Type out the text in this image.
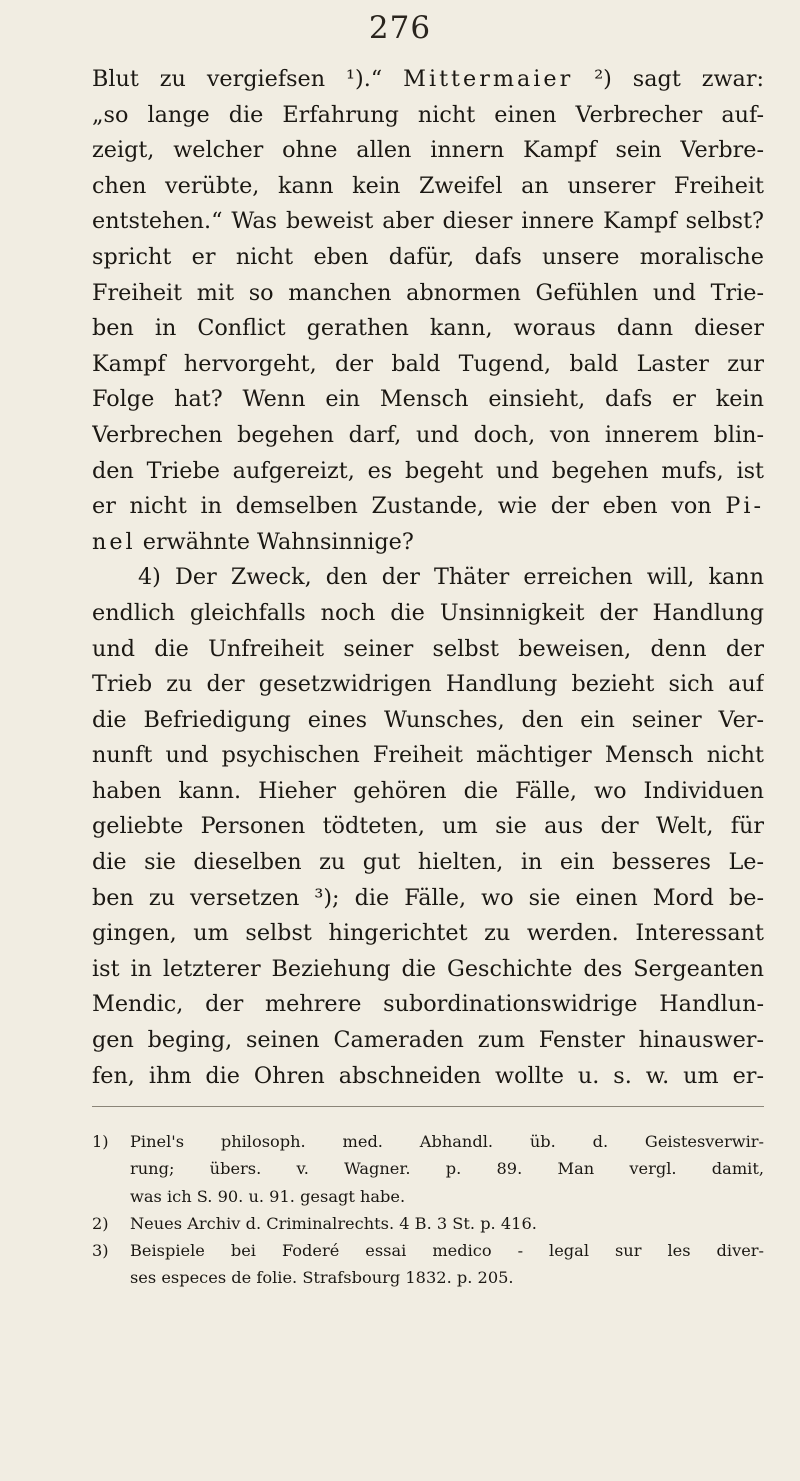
276
Blut zu vergiefsen ¹).“ Mittermaier ²) sagt zwar:
„so lange die Erfahrung nicht einen Verbrecher auf-
zeigt, welcher ohne allen innern Kampf sein Verbre-
chen verübte, kann kein Zweifel an unserer Freiheit
entstehen.“ Was beweist aber dieser innere Kampf selbst?
spricht er nicht eben dafür, dafs unsere moralische
Freiheit mit so manchen abnormen Gefühlen und Trie-
ben in Conflict gerathen kann, woraus dann dieser
Kampf hervorgeht, der bald Tugend, bald Laster zur
Folge hat? Wenn ein Mensch einsieht, dafs er kein
Verbrechen begehen darf, und doch, von innerem blin-
den Triebe aufgereizt, es begeht und begehen mufs, ist
er nicht in demselben Zustande, wie der eben von Pi-
nel erwähnte Wahnsinnige?
4) Der Zweck, den der Thäter erreichen will, kann
endlich gleichfalls noch die Unsinnigkeit der Handlung
und die Unfreiheit seiner selbst beweisen, denn der
Trieb zu der gesetzwidrigen Handlung bezieht sich auf
die Befriedigung eines Wunsches, den ein seiner Ver-
nunft und psychischen Freiheit mächtiger Mensch nicht
haben kann. Hieher gehören die Fälle, wo Individuen
geliebte Personen tödteten, um sie aus der Welt, für
die sie dieselben zu gut hielten, in ein besseres Le-
ben zu versetzen ³); die Fälle, wo sie einen Mord be-
gingen, um selbst hingerichtet zu werden. Interessant
ist in letzterer Beziehung die Geschichte des Sergeanten
Mendic, der mehrere subordinationswidrige Handlun-
gen beging, seinen Cameraden zum Fenster hinauswer-
fen, ihm die Ohren abschneiden wollte u. s. w. um er-
1)	Pinel's philosoph. med. Abhandl. üb. d. Geistesverwir-
rung; übers. v. Wagner. p. 89. Man vergl. damit,
was ich S. 90. u. 91. gesagt habe.
2)	Neues Archiv d. Criminalrechts. 4 B. 3 St. p. 416.
3)	Beispiele bei Foderé essai medico - legal sur les diver-
ses especes de folie. Strafsbourg 1832. p. 205.
